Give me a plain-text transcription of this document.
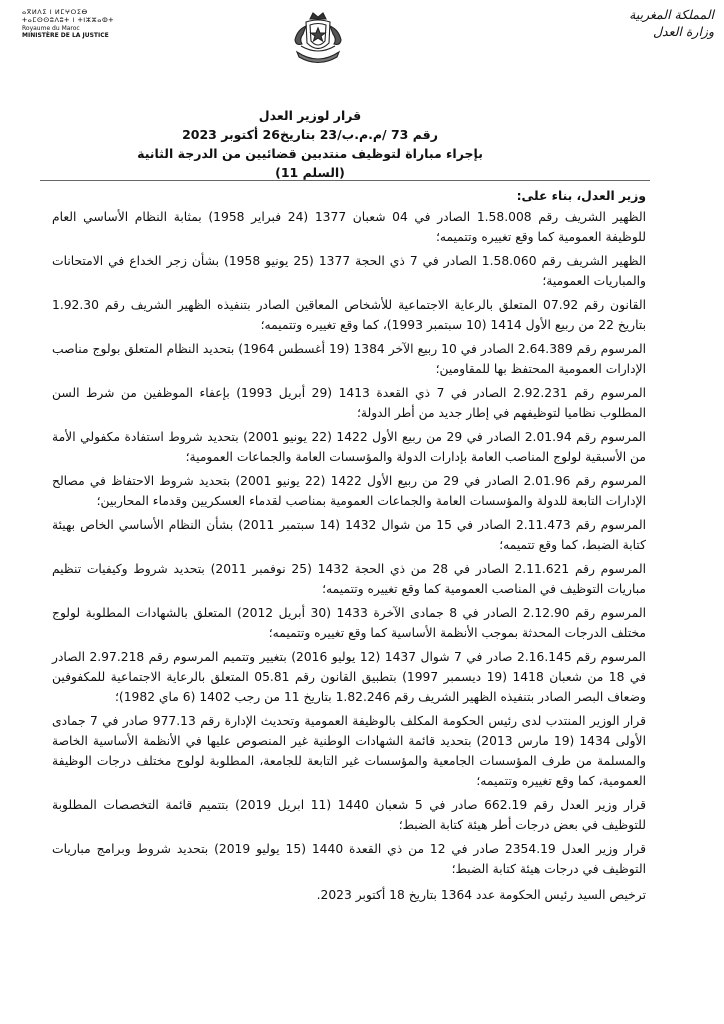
ⴰⴳⵍⴷⵉ ⵏ ⵍⵎⵖⵔⵉⴱ
ⵜⴰⵎⵙⵙⵓⴷⵓⵜ ⵏ ⵜⵏⵣⵣⴰⵀⵜ
Royaume du Maroc
MINISTÈRE DE LA JUSTICE
المملكة المغربية
وزارة العدل
قرار لوزير العدل
رقم 73 /م.م.ب/23 بتاريخ26 أكتوبر 2023
بإجراء مباراة لتوظيف منتدبين قضائيين من الدرجة الثانية (السلم 11)

وزير العدل، بناء على:

الظهير الشريف رقم 1.58.008 الصادر في 04 شعبان 1377 (24 فبراير 1958) بمثابة النظام الأساسي العام للوظيفة العمومية كما وقع تغييره وتتميمه؛

الظهير الشريف رقم 1.58.060 الصادر في 7 ذي الحجة 1377 (25 يونيو 1958) بشأن زجر الخداع في الامتحانات والمباريات العمومية؛

القانون رقم 07.92 المتعلق بالرعاية الاجتماعية للأشخاص المعاقين الصادر بتنفيذه الظهير الشريف رقم 1.92.30 بتاريخ 22 من ربيع الأول 1414 (10 سبتمبر 1993)، كما وقع تغييره وتتميمه؛

المرسوم رقم 2.64.389 الصادر في 10 ربيع الآخر 1384 (19 أغسطس 1964) بتحديد النظام المتعلق بولوج مناصب الإدارات العمومية المحتفظ بها للمقاومين؛

المرسوم رقم 2.92.231 الصادر في 7 ذي القعدة 1413 (29 أبريل 1993) بإعفاء الموظفين من شرط السن المطلوب نظاميا لتوظيفهم في إطار جديد من أطر الدولة؛

المرسوم رقم 2.01.94 الصادر في 29 من ربيع الأول 1422 (22 يونيو 2001) بتحديد شروط استفادة مكفولي الأمة من الأسبقية لولوج المناصب العامة بإدارات الدولة والمؤسسات العامة والجماعات العمومية؛

المرسوم رقم 2.01.96 الصادر في 29 من ربيع الأول 1422 (22 يونيو 2001) بتحديد شروط الاحتفاظ في مصالح الإدارات التابعة للدولة والمؤسسات العامة والجماعات العمومية بمناصب لقدماء العسكريين وقدماء المحاربين؛

المرسوم رقم 2.11.473 الصادر في 15 من شوال 1432 (14 سبتمبر 2011) بشأن النظام الأساسي الخاص بهيئة كتابة الضبط، كما وقع تتميمه؛

المرسوم رقم 2.11.621 الصادر في 28 من ذي الحجة 1432 (25 نوفمبر 2011) بتحديد شروط وكيفيات تنظيم مباريات التوظيف في المناصب العمومية كما وقع تغييره وتتميمه؛

المرسوم رقم 2.12.90 الصادر في 8 جمادى الآخرة 1433 (30 أبريل 2012) المتعلق بالشهادات المطلوبة لولوج مختلف الدرجات المحدثة بموجب الأنظمة الأساسية كما وقع تغييره وتتميمه؛

المرسوم رقم 2.16.145 صادر في 7 شوال 1437 (12 يوليو 2016) بتغيير وتتميم المرسوم رقم 2.97.218 الصادر في 18 من شعبان 1418 (19 ديسمبر 1997) بتطبيق القانون رقم 05.81 المتعلق بالرعاية الاجتماعية للمكفوفين وضعاف البصر الصادر بتنفيذه الظهير الشريف رقم 1.82.246 بتاريخ 11 من رجب 1402 (6 ماي 1982)؛

قرار الوزير المنتدب لدى رئيس الحكومة المكلف بالوظيفة العمومية وتحديث الإدارة رقم 977.13 صادر في 7 جمادى الأولى 1434 (19 مارس 2013) بتحديد قائمة الشهادات الوطنية غير المنصوص عليها في الأنظمة الأساسية الخاصة والمسلمة من طرف المؤسسات الجامعية والمؤسسات غير التابعة للجامعة، المطلوبة لولوج مختلف درجات الوظيفة العمومية، كما وقع تغييره وتتميمه؛

قرار وزير العدل رقم 662.19 صادر في 5 شعبان 1440 (11 ابريل 2019) بتتميم قائمة التخصصات المطلوبة للتوظيف في بعض درجات أطر هيئة كتابة الضبط؛

قرار وزير العدل 2354.19 صادر في 12 من ذي القعدة 1440 (15 يوليو 2019) بتحديد شروط وبرامج مباريات التوظيف في درجات هيئة كتابة الضبط؛

ترخيص السيد رئيس الحكومة عدد 1364 بتاريخ 18 أكتوبر 2023.
